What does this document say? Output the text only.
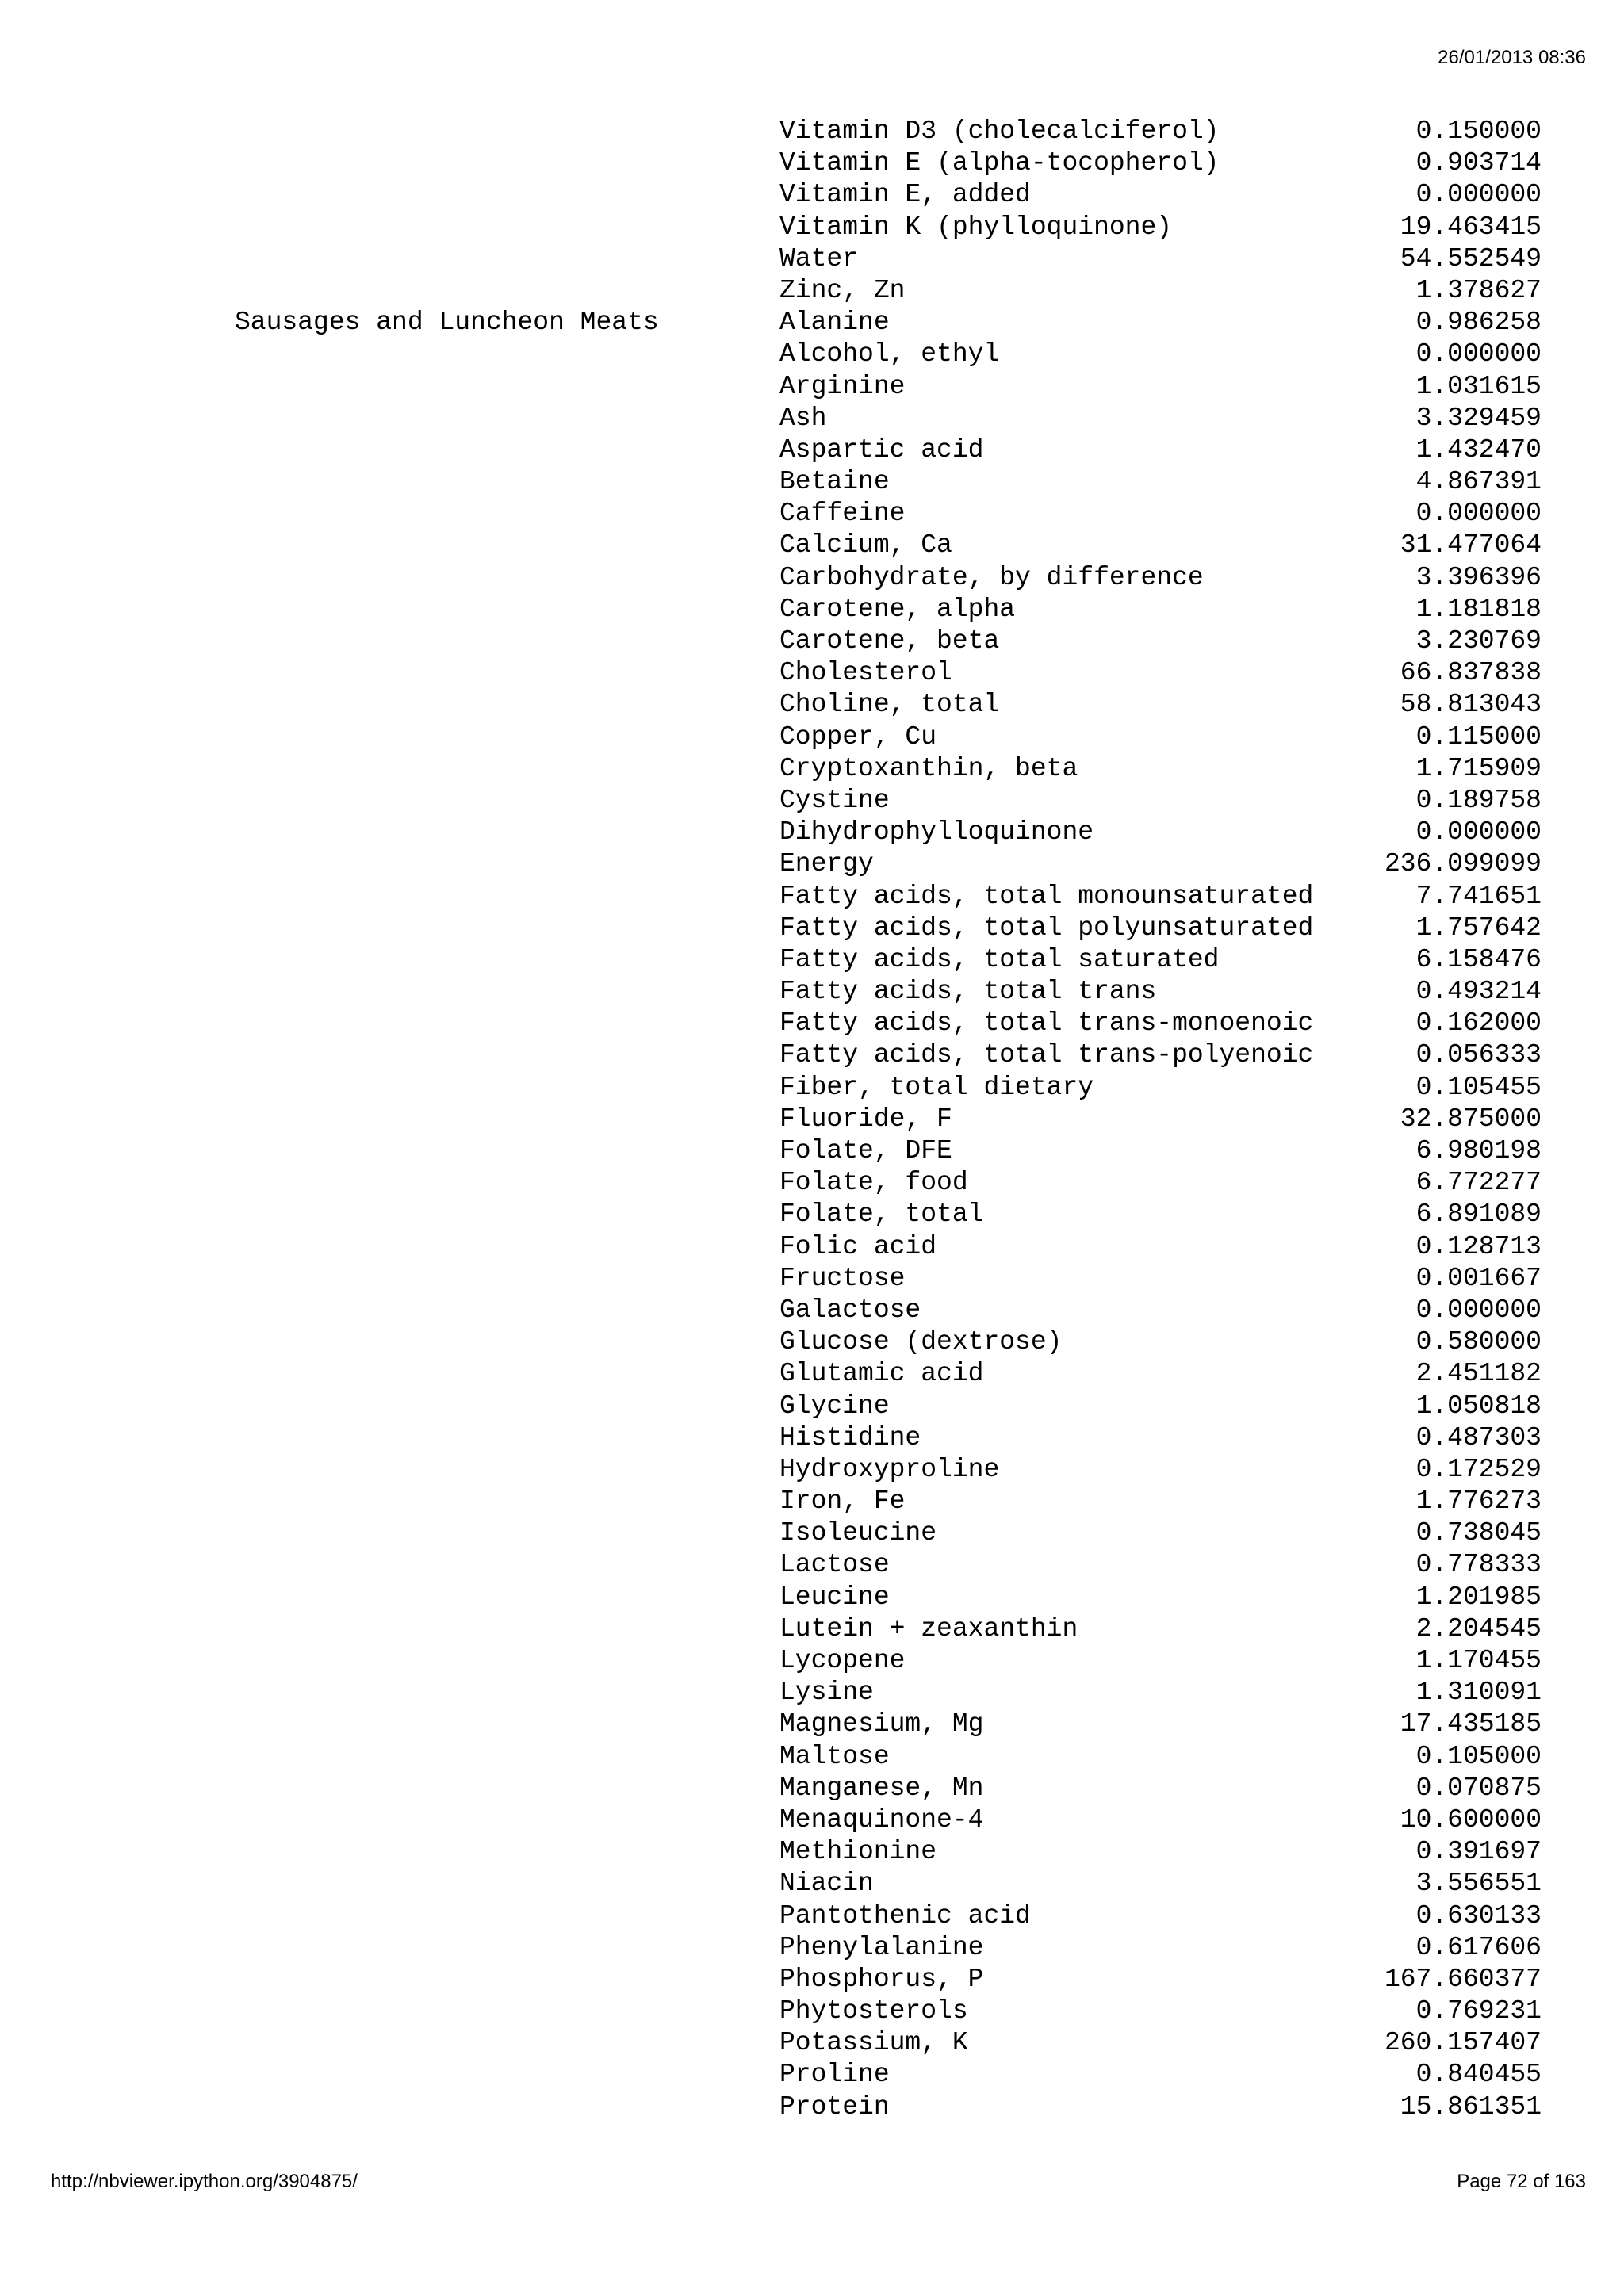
26/01/2013 08:36
Vitamin D3 (cholecalciferol)	0.150000
Vitamin E (alpha-tocopherol)	0.903714
Vitamin E, added	0.000000
Vitamin K (phylloquinone)	19.463415
Water	54.552549
Zinc, Zn	1.378627
Sausages and Luncheon Meats	Alanine	0.986258
Alcohol, ethyl	0.000000
Arginine	1.031615
Ash	3.329459
Aspartic acid	1.432470
Betaine	4.867391
Caffeine	0.000000
Calcium, Ca	31.477064
Carbohydrate, by difference	3.396396
Carotene, alpha	1.181818
Carotene, beta	3.230769
Cholesterol	66.837838
Choline, total	58.813043
Copper, Cu	0.115000
Cryptoxanthin, beta	1.715909
Cystine	0.189758
Dihydrophylloquinone	0.000000
Energy	236.099099
Fatty acids, total monounsaturated	7.741651
Fatty acids, total polyunsaturated	1.757642
Fatty acids, total saturated	6.158476
Fatty acids, total trans	0.493214
Fatty acids, total trans-monoenoic	0.162000
Fatty acids, total trans-polyenoic	0.056333
Fiber, total dietary	0.105455
Fluoride, F	32.875000
Folate, DFE	6.980198
Folate, food	6.772277
Folate, total	6.891089
Folic acid	0.128713
Fructose	0.001667
Galactose	0.000000
Glucose (dextrose)	0.580000
Glutamic acid	2.451182
Glycine	1.050818
Histidine	0.487303
Hydroxyproline	0.172529
Iron, Fe	1.776273
Isoleucine	0.738045
Lactose	0.778333
Leucine	1.201985
Lutein + zeaxanthin	2.204545
Lycopene	1.170455
Lysine	1.310091
Magnesium, Mg	17.435185
Maltose	0.105000
Manganese, Mn	0.070875
Menaquinone-4	10.600000
Methionine	0.391697
Niacin	3.556551
Pantothenic acid	0.630133
Phenylalanine	0.617606
Phosphorus, P	167.660377
Phytosterols	0.769231
Potassium, K	260.157407
Proline	0.840455
Protein	15.861351
http://nbviewer.ipython.org/3904875/	Page 72 of 163
